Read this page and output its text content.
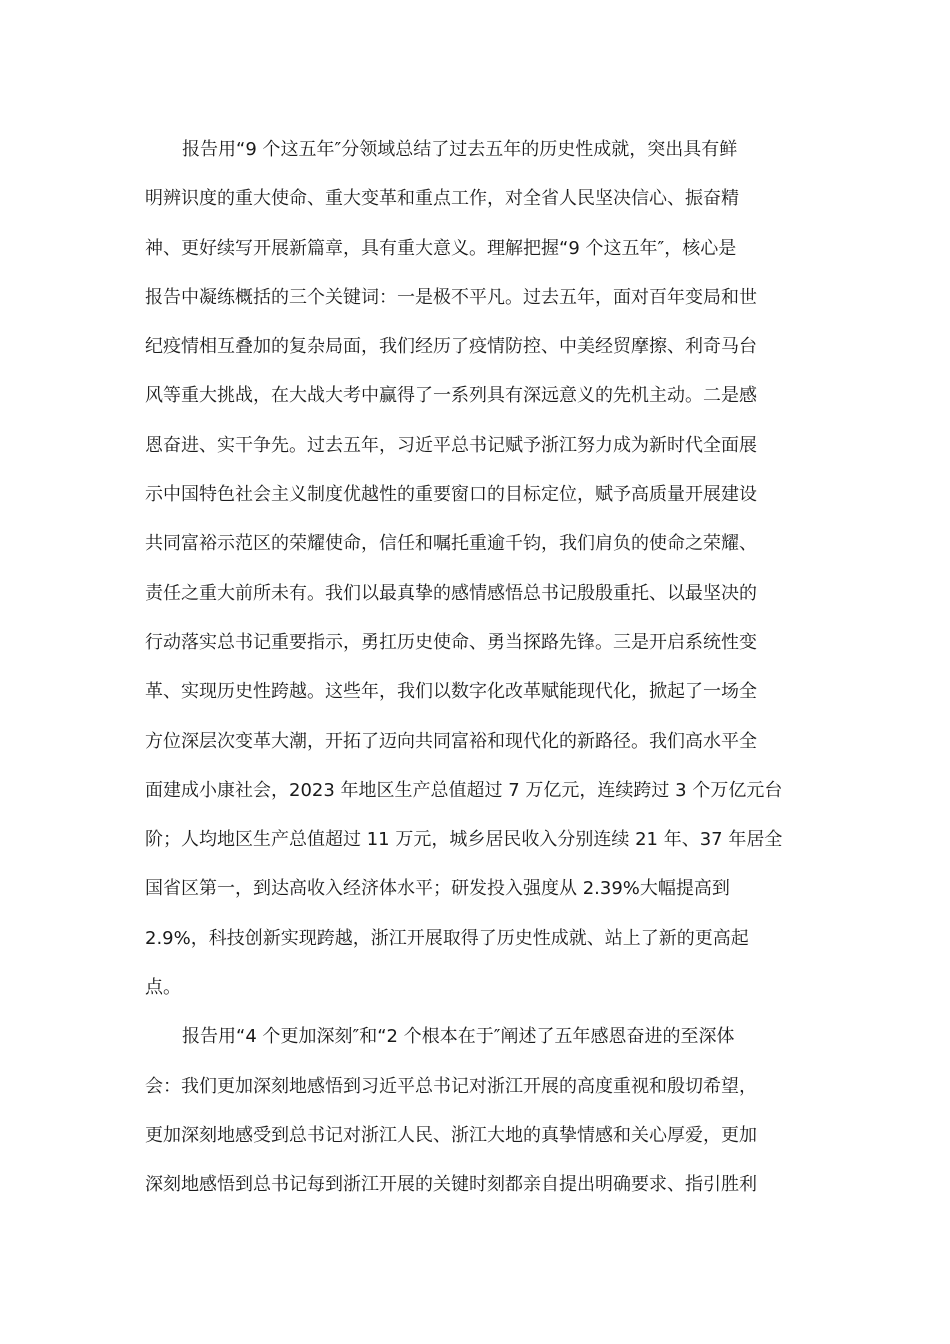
报告用“9 个这五年″分领域总结了过去五年的历史性成就，突出具有鲜
明辨识度的重大使命、重大变革和重点工作，对全省人民坚决信心、振奋精
神、更好续写开展新篇章，具有重大意义。理解把握“9 个这五年″，核心是
报告中凝练概括的三个关键词：一是极不平凡。过去五年，面对百年变局和世
纪疫情相互叠加的复杂局面，我们经历了疫情防控、中美经贸摩擦、利奇马台
风等重大挑战，在大战大考中赢得了一系列具有深远意义的先机主动。二是感
恩奋进、实干争先。过去五年，习近平总书记赋予浙江努力成为新时代全面展
示中国特色社会主义制度优越性的重要窗口的目标定位，赋予高质量开展建设
共同富裕示范区的荣耀使命，信任和嘱托重逾千钧，我们肩负的使命之荣耀、
责任之重大前所未有。我们以最真挚的感情感悟总书记殷殷重托、以最坚决的
行动落实总书记重要指示，勇扛历史使命、勇当探路先锋。三是开启系统性变
革、实现历史性跨越。这些年，我们以数字化改革赋能现代化，掀起了一场全
方位深层次变革大潮，开拓了迈向共同富裕和现代化的新路径。我们高水平全
面建成小康社会，2023 年地区生产总值超过 7 万亿元，连续跨过 3 个万亿元台
阶；人均地区生产总值超过 11 万元，城乡居民收入分别连续 21 年、37 年居全
国省区第一，到达高收入经济体水平；研发投入强度从 2.39%大幅提高到
2.9%，科技创新实现跨越，浙江开展取得了历史性成就、站上了新的更高起
点。

报告用“4 个更加深刻″和“2 个根本在于″阐述了五年感恩奋进的至深体
会：我们更加深刻地感悟到习近平总书记对浙江开展的高度重视和殷切希望，
更加深刻地感受到总书记对浙江人民、浙江大地的真挚情感和关心厚爱，更加
深刻地感悟到总书记每到浙江开展的关键时刻都亲自提出明确要求、指引胜利
